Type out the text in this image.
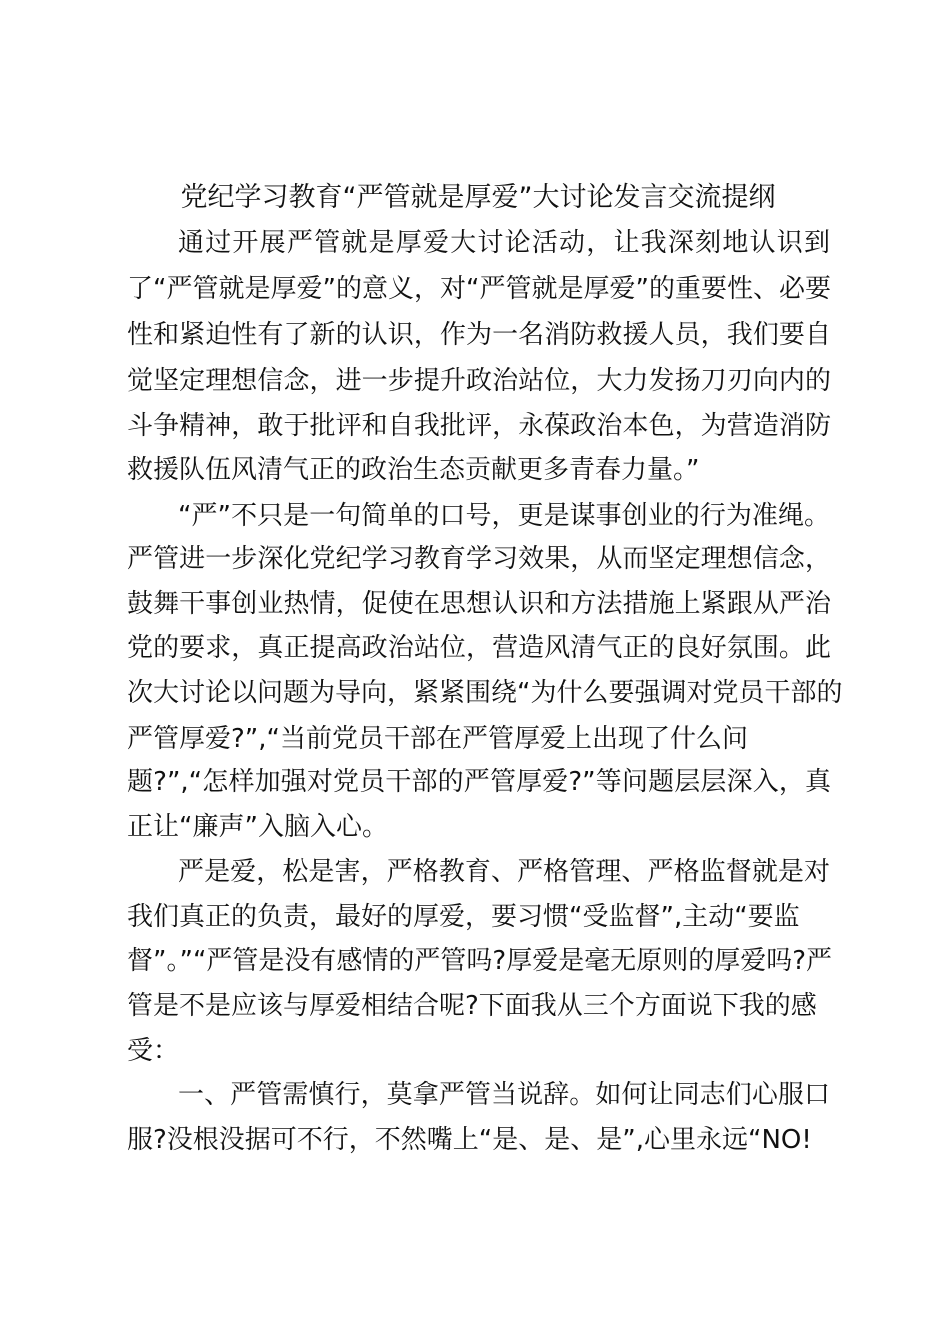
党纪学习教育“严管就是厚爱”大讨论发言交流提纲

通过开展严管就是厚爱大讨论活动，让我深刻地认识到

了“严管就是厚爱”的意义，对“严管就是厚爱”的重要性、必要

性和紧迫性有了新的认识，作为一名消防救援人员，我们要自

觉坚定理想信念，进一步提升政治站位，大力发扬刀刃向内的

斗争精神，敢于批评和自我批评，永葆政治本色，为营造消防

救援队伍风清气正的政治生态贡献更多青春力量。”

“严”不只是一句简单的口号，更是谋事创业的行为准绳。

严管进一步深化党纪学习教育学习效果，从而坚定理想信念，

鼓舞干事创业热情，促使在思想认识和方法措施上紧跟从严治

党的要求，真正提高政治站位，营造风清气正的良好氛围。此

次大讨论以问题为导向，紧紧围绕“为什么要强调对党员干部的

严管厚爱?”,“当前党员干部在严管厚爱上出现了什么问

题?”,“怎样加强对党员干部的严管厚爱?”等问题层层深入，真

正让“廉声”入脑入心。

严是爱，松是害，严格教育、严格管理、严格监督就是对

我们真正的负责，最好的厚爱，要习惯“受监督”,主动“要监

督”。”“严管是没有感情的严管吗?厚爱是毫无原则的厚爱吗?严

管是不是应该与厚爱相结合呢?下面我从三个方面说下我的感

受：

一、严管需慎行，莫拿严管当说辞。如何让同志们心服口

服?没根没据可不行，不然嘴上“是、是、是”,心里永远“NO!
